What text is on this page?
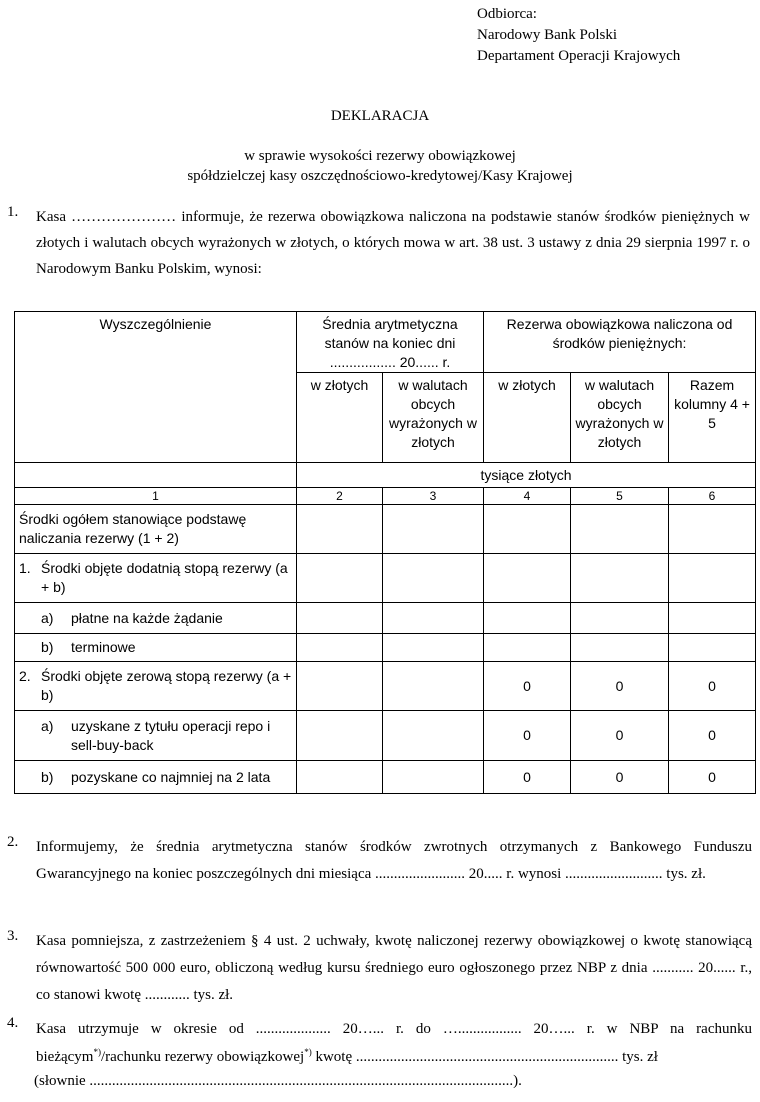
Odbiorca:
Narodowy Bank Polski
Departament Operacji Krajowych
DEKLARACJA
w sprawie wysokości rezerwy obowiązkowej
spółdzielczej kasy oszczędnościowo-kredytowej/Kasy Krajowej
1. Kasa ………………… informuje, że rezerwa obowiązkowa naliczona na podstawie stanów środków pieniężnych w złotych i walutach obcych wyrażonych w złotych, o których mowa w art. 38 ust. 3 ustawy z dnia 29 sierpnia 1997 r. o Narodowym Banku Polskim, wynosi:
Wyszczególnienie	Średnia arytmetyczna stanów na koniec dni ................. 20...... r.		Rezerwa obowiązkowa naliczona od środków pieniężnych:		
	w złotych	w walutach obcych wyrażonych w złotych	w złotych	w walutach obcych wyrażonych w złotych	Razem kolumny 4 + 5
	tysiące złotych				
1	2	3	4	5	6
Środki ogółem stanowiące podstawę naliczania rezerwy (1 + 2)					

1. Środki objęte dodatnią stopą rezerwy (a + b)					

a) płatne na każde żądanie					

b) terminowe					

2. Środki objęte zerową stopą rezerwy (a + b)			0	0	0

a) uzyskane z tytułu operacji repo i sell-buy-back			0	0	0

b) pozyskane co najmniej na 2 lata			0	0	0
2. Informujemy, że średnia arytmetyczna stanów środków zwrotnych otrzymanych z Bankowego Funduszu Gwarancyjnego na koniec poszczególnych dni miesiąca ........................ 20..... r. wynosi .......................... tys. zł.
3. Kasa pomniejsza, z zastrzeżeniem § 4 ust. 2 uchwały, kwotę naliczonej rezerwy obowiązkowej o kwotę stanowiącą równowartość 500 000 euro, obliczoną według kursu średniego euro ogłoszonego przez NBP z dnia ........... 20...... r., co stanowi kwotę ............ tys. zł.
4. Kasa utrzymuje w okresie od .................... 20…... r. do …................. 20…... r. w NBP na rachunku bieżącym*)/rachunku rezerwy obowiązkowej*) kwotę ...................................................................... tys. zł
(słownie .................................................................................................................).
